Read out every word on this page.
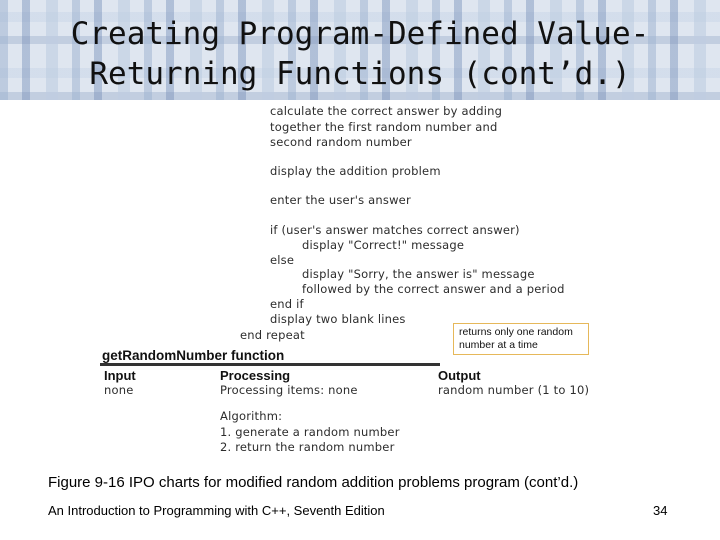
Creating Program-Defined Value-
Returning Functions (cont’d.)
calculate the correct answer by adding
together the first random number and
second random number
display the addition problem
enter the user's answer
if (user's answer matches correct answer)
display "Correct!" message
else
display "Sorry, the answer is" message
followed by the correct answer and a period
end if
display two blank lines
end repeat	returns only one random number at a time
getRandomNumber function
Input	Processing	Output
none	Processing items: none	random number (1 to 10)
Algorithm:
1. generate a random number
2. return the random number
Figure 9-16 IPO charts for modified random addition problems program (cont’d.)
An Introduction to Programming with C++, Seventh Edition	34
